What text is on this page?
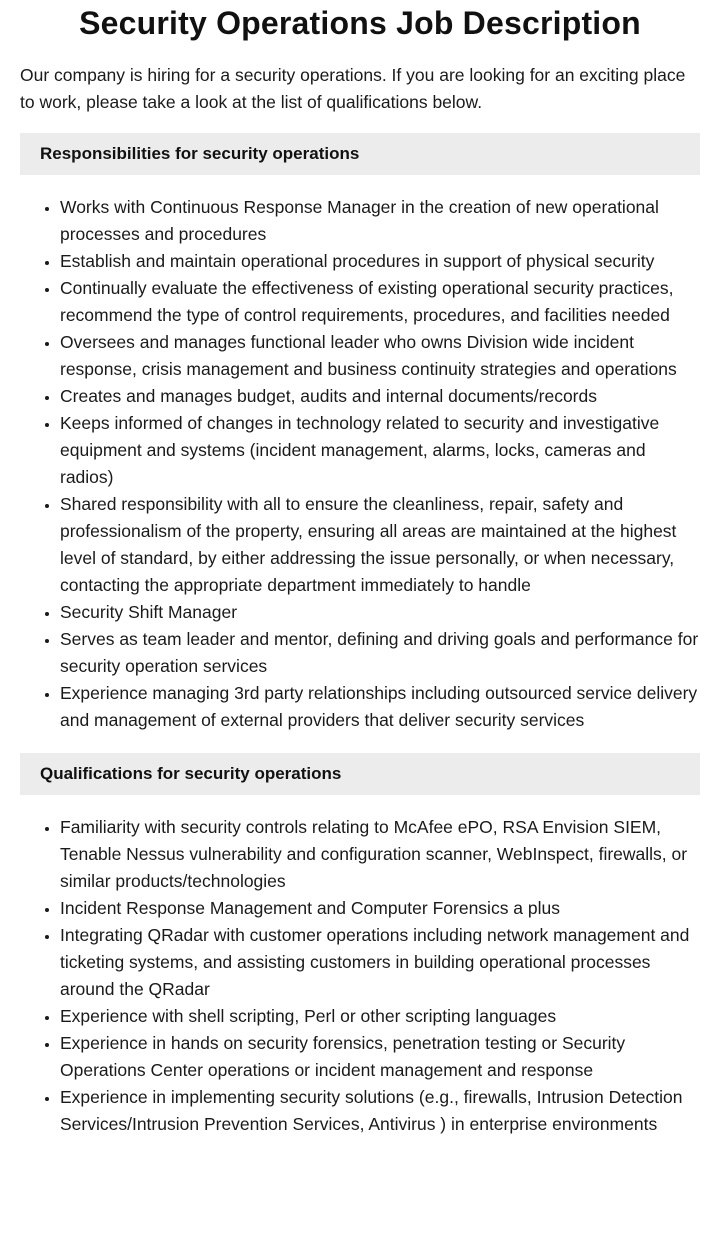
Security Operations Job Description

Our company is hiring for a security operations. If you are looking for an exciting place to work, please take a look at the list of qualifications below.

Responsibilities for security operations
• Works with Continuous Response Manager in the creation of new operational processes and procedures
• Establish and maintain operational procedures in support of physical security
• Continually evaluate the effectiveness of existing operational security practices, recommend the type of control requirements, procedures, and facilities needed
• Oversees and manages functional leader who owns Division wide incident response, crisis management and business continuity strategies and operations
• Creates and manages budget, audits and internal documents/records
• Keeps informed of changes in technology related to security and investigative equipment and systems (incident management, alarms, locks, cameras and radios)
• Shared responsibility with all to ensure the cleanliness, repair, safety and professionalism of the property, ensuring all areas are maintained at the highest level of standard, by either addressing the issue personally, or when necessary, contacting the appropriate department immediately to handle
• Security Shift Manager
• Serves as team leader and mentor, defining and driving goals and performance for security operation services
• Experience managing 3rd party relationships including outsourced service delivery and management of external providers that deliver security services
Qualifications for security operations
• Familiarity with security controls relating to McAfee ePO, RSA Envision SIEM, Tenable Nessus vulnerability and configuration scanner, WebInspect, firewalls, or similar products/technologies
• Incident Response Management and Computer Forensics a plus
• Integrating QRadar with customer operations including network management and ticketing systems, and assisting customers in building operational processes around the QRadar
• Experience with shell scripting, Perl or other scripting languages
• Experience in hands on security forensics, penetration testing or Security Operations Center operations or incident management and response
• Experience in implementing security solutions (e.g., firewalls, Intrusion Detection Services/Intrusion Prevention Services, Antivirus ) in enterprise environments
